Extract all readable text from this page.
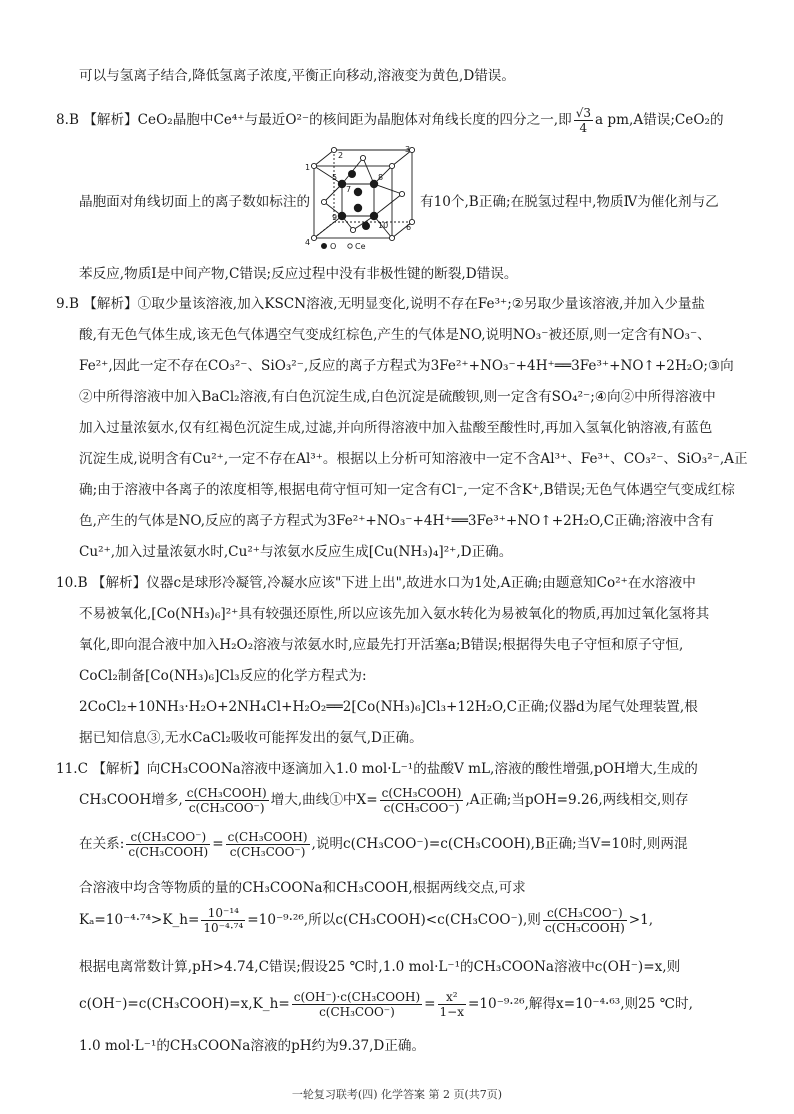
可以与氢离子结合,降低氢离子浓度,平衡正向移动,溶液变为黄色,D错误。
8.B 【解析】CeO₂晶胞中Ce⁴⁺与最近O²⁻的核间距为晶胞体对角线长度的四分之一,即 $\frac{√3}{4}$ a pm,A错误;CeO₂的
晶胞面对角线切面上的离子数如标注的
1
2
3
4
5
6
7
8
9
10
O Ce
有10个,B正确;在脱氢过程中,物质Ⅳ为催化剂与乙
苯反应,物质Ⅰ是中间产物,C错误;反应过程中没有非极性键的断裂,D错误。
9.B 【解析】①取少量该溶液,加入KSCN溶液,无明显变化,说明不存在Fe³⁺;②另取少量该溶液,并加入少量盐
酸,有无色气体生成,该无色气体遇空气变成红棕色,产生的气体是NO,说明NO₃⁻被还原,则一定含有NO₃⁻、
Fe²⁺,因此一定不存在CO₃²⁻、SiO₃²⁻,反应的离子方程式为3Fe²⁺+NO₃⁻+4H⁺══3Fe³⁺+NO↑+2H₂O;③向
②中所得溶液中加入BaCl₂溶液,有白色沉淀生成,白色沉淀是硫酸钡,则一定含有SO₄²⁻;④向②中所得溶液中
加入过量浓氨水,仅有红褐色沉淀生成,过滤,并向所得溶液中加入盐酸至酸性时,再加入氢氧化钠溶液,有蓝色
沉淀生成,说明含有Cu²⁺,一定不存在Al³⁺。根据以上分析可知溶液中一定不含Al³⁺、Fe³⁺、CO₃²⁻、SiO₃²⁻,A正
确;由于溶液中各离子的浓度相等,根据电荷守恒可知一定含有Cl⁻,一定不含K⁺,B错误;无色气体遇空气变成红棕
色,产生的气体是NO,反应的离子方程式为3Fe²⁺+NO₃⁻+4H⁺══3Fe³⁺+NO↑+2H₂O,C正确;溶液中含有
Cu²⁺,加入过量浓氨水时,Cu²⁺与浓氨水反应生成[Cu(NH₃)₄]²⁺,D正确。
10.B 【解析】仪器c是球形冷凝管,冷凝水应该"下进上出",故进水口为1处,A正确;由题意知Co²⁺在水溶液中
不易被氧化,[Co(NH₃)₆]²⁺具有较强还原性,所以应该先加入氨水转化为易被氧化的物质,再加过氧化氢将其
氧化,即向混合液中加入H₂O₂溶液与浓氨水时,应最先打开活塞a;B错误;根据得失电子守恒和原子守恒,
CoCl₂制备[Co(NH₃)₆]Cl₃反应的化学方程式为:
2CoCl₂+10NH₃·H₂O+2NH₄Cl+H₂O₂══2[Co(NH₃)₆]Cl₃+12H₂O,C正确;仪器d为尾气处理装置,根
据已知信息③,无水CaCl₂吸收可能挥发出的氨气,D正确。
11.C 【解析】向CH₃COONa溶液中逐滴加入1.0 mol·L⁻¹的盐酸V mL,溶液的酸性增强,pOH增大,生成的
CH₃COOH增多, $\frac{\text{c(CH₃COOH)}}{\text{c(CH₃COO⁻)}}$ 增大,曲线①中$X= \frac{\text{c(CH₃COOH)}}{\text{c(CH₃COO⁻)}} ,A$正确;当pOH=9.26,两线相交,则存
在关系: $\frac{\text{c(CH₃COO⁻)}}{\text{c(CH₃COOH)}} = \frac{\text{c(CH₃COOH)}}{\text{c(CH₃COO⁻)}}$ ,说明c(CH₃COO⁻)=c(CH₃COOH),B正确;当V=10时,则两混
合溶液中均含等物质的量的CH₃COONa和CH₃COOH,根据两线交点,可求
Kₐ=10⁻⁴·⁷⁴>K_h= $\frac{\text{10⁻¹⁴}}{\text{10⁻⁴·⁷⁴}} =10^{-9}\cdot^{26}$,所以c(CH₃COOH)<c(CH₃COO⁻),则 $\frac{\text{c(CH₃COO⁻)}}{\text{c(CH₃COOH)}} >1$,
根据电离常数计算,pH>4.74,C错误;假设25 ℃时,1.0 mol·L⁻¹的CH₃COONa溶液中c(OH⁻)=x,则
c(OH⁻)=c(CH₃COOH)=x,K_h= $\frac{\text{c(OH⁻)·c(CH₃COOH)}}{\text{c(CH₃COO⁻)}} = \frac{\text{x²}}{1-x} =10^{-9}\cdot^{26}$,解得x=10⁻⁴·⁶³,则25 ℃时,
1.0 mol·L⁻¹的CH₃COONa溶液的pH约为9.37,D正确。
一轮复习联考(四) 化学答案 第 2 页(共7页)
